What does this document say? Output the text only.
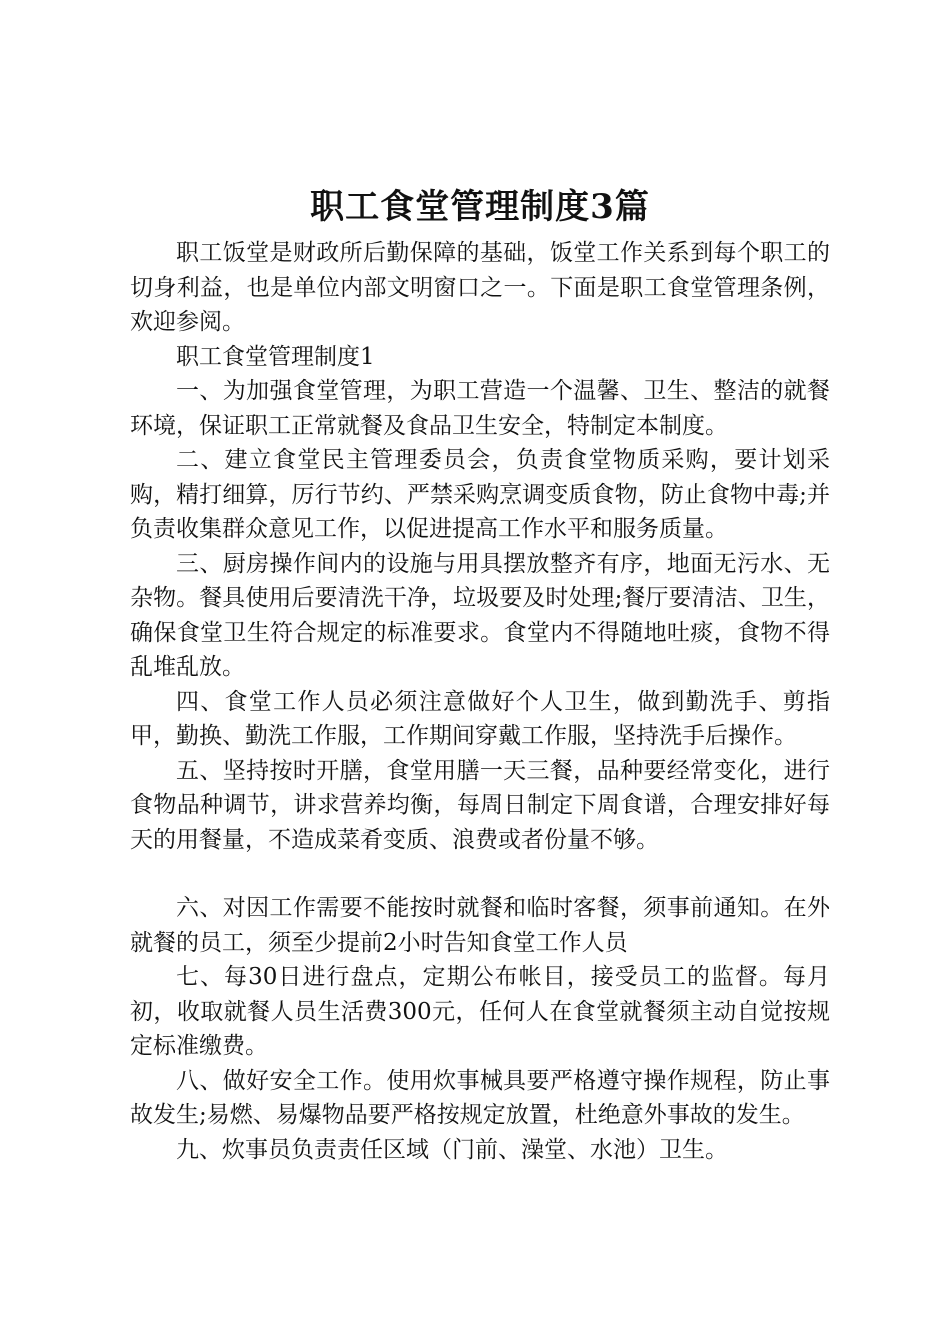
职工食堂管理制度3篇

职工饭堂是财政所后勤保障的基础，饭堂工作关系到每个职工的切身利益，也是单位内部文明窗口之一。下面是职工食堂管理条例，欢迎参阅。

职工食堂管理制度1

一、为加强食堂管理，为职工营造一个温馨、卫生、整洁的就餐环境，保证职工正常就餐及食品卫生安全，特制定本制度。

二、建立食堂民主管理委员会，负责食堂物质采购，要计划采购，精打细算，厉行节约、严禁采购烹调变质食物，防止食物中毒;并负责收集群众意见工作，以促进提高工作水平和服务质量。

三、厨房操作间内的设施与用具摆放整齐有序，地面无污水、无杂物。餐具使用后要清洗干净，垃圾要及时处理;餐厅要清洁、卫生，确保食堂卫生符合规定的标准要求。食堂内不得随地吐痰，食物不得乱堆乱放。

四、食堂工作人员必须注意做好个人卫生，做到勤洗手、剪指甲，勤换、勤洗工作服，工作期间穿戴工作服，坚持洗手后操作。

五、坚持按时开膳，食堂用膳一天三餐，品种要经常变化，进行食物品种调节，讲求营养均衡，每周日制定下周食谱，合理安排好每天的用餐量，不造成菜肴变质、浪费或者份量不够。

六、对因工作需要不能按时就餐和临时客餐，须事前通知。在外就餐的员工，须至少提前2小时告知食堂工作人员

七、每30日进行盘点，定期公布帐目，接受员工的监督。每月初，收取就餐人员生活费300元，任何人在食堂就餐须主动自觉按规定标准缴费。

八、做好安全工作。使用炊事械具要严格遵守操作规程，防止事故发生;易燃、易爆物品要严格按规定放置，杜绝意外事故的发生。

九、炊事员负责责任区域（门前、澡堂、水池）卫生。
